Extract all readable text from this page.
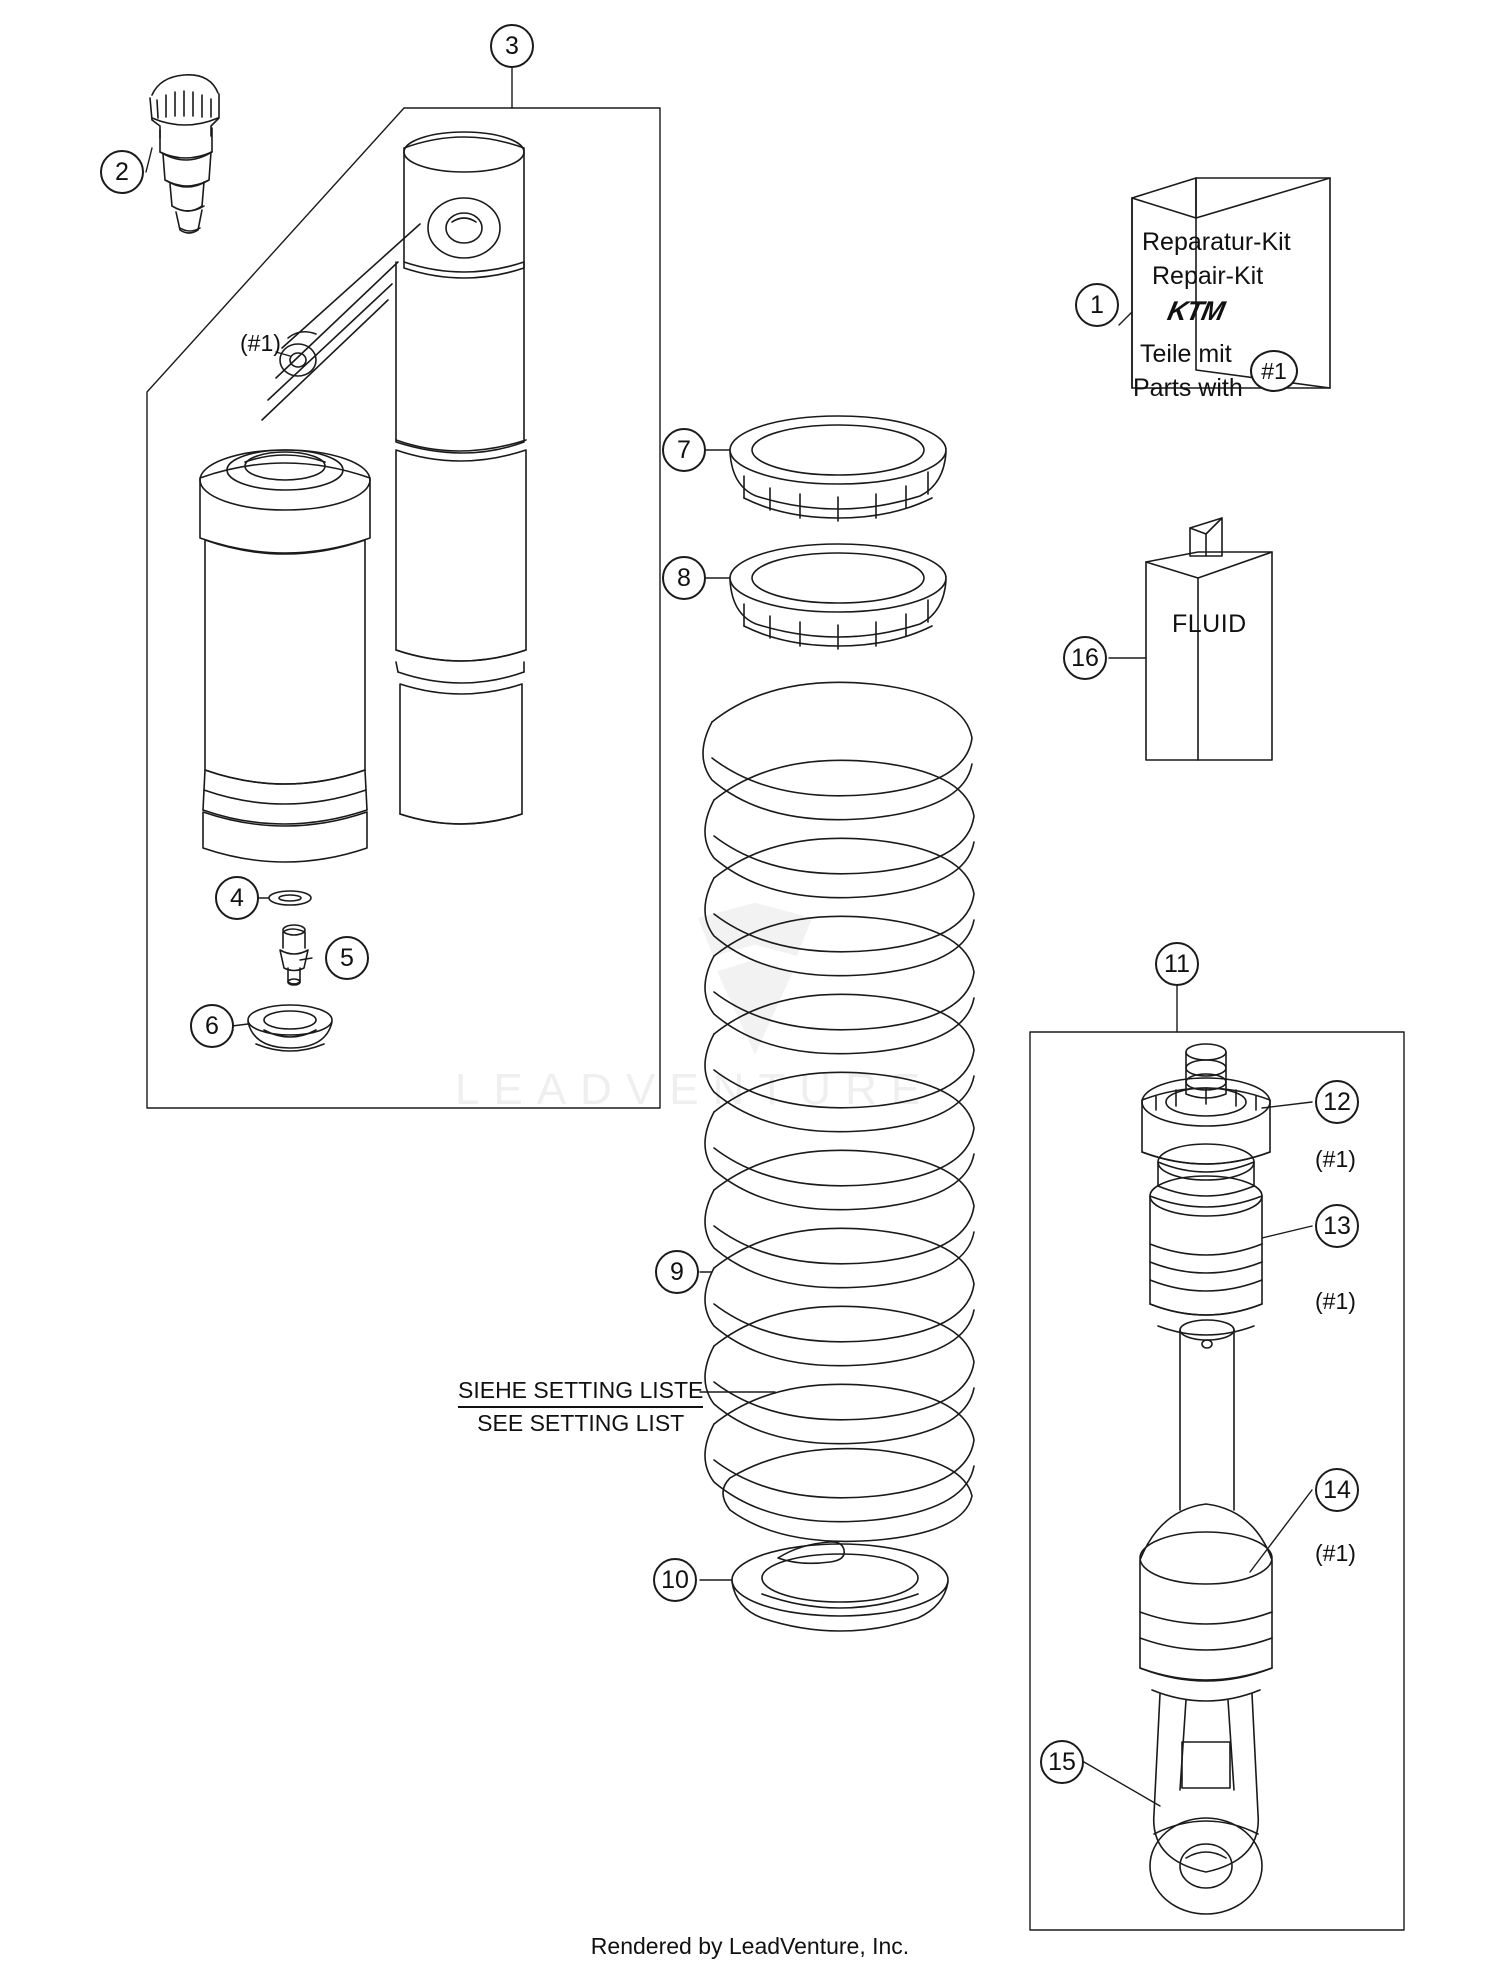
LEADVENTURE
1
2
3
4
5
6
7
8
9
10
11
12
13
14
15
16
(#1)
#1
(#1)
(#1)
(#1)
Reparatur-Kit
Repair-Kit
KTM
Teile mit
Parts with
FLUID
SIEHE SETTING LISTE
SEE SETTING LIST
Rendered by LeadVenture, Inc.
